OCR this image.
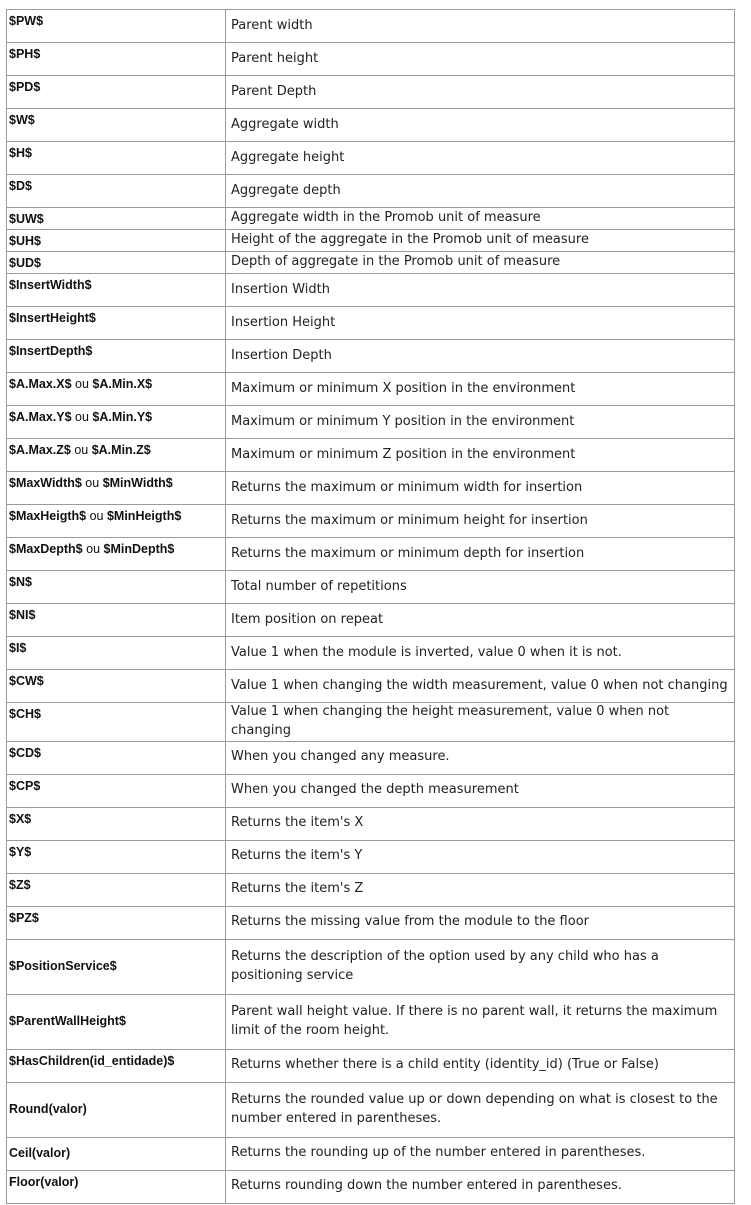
$PW$	Parent width
$PH$	Parent height
$PD$	Parent Depth
$W$	Aggregate width
$H$	Aggregate height
$D$	Aggregate depth
$UW$	Aggregate width in the Promob unit of measure
$UH$	Height of the aggregate in the Promob unit of measure
$UD$	Depth of aggregate in the Promob unit of measure
$InsertWidth$	Insertion Width
$InsertHeight$	Insertion Height
$InsertDepth$	Insertion Depth
$A.Max.X$ ou $A.Min.X$	Maximum or minimum X position in the environment
$A.Max.Y$ ou $A.Min.Y$	Maximum or minimum Y position in the environment
$A.Max.Z$ ou $A.Min.Z$	Maximum or minimum Z position in the environment
$MaxWidth$ ou $MinWidth$	Returns the maximum or minimum width for insertion
$MaxHeigth$ ou $MinHeigth$	Returns the maximum or minimum height for insertion
$MaxDepth$ ou $MinDepth$	Returns the maximum or minimum depth for insertion
$N$	Total number of repetitions
$NI$	Item position on repeat
$I$	Value 1 when the module is inverted, value 0 when it is not.
$CW$	Value 1 when changing the width measurement, value 0 when not changing
$CH$	Value 1 when changing the height measurement, value 0 when not changing
$CD$	When you changed any measure.
$CP$	When you changed the depth measurement
$X$	Returns the item's X
$Y$	Returns the item's Y
$Z$	Returns the item's Z
$PZ$	Returns the missing value from the module to the floor
$PositionService$	Returns the description of the option used by any child who has a positioning service
$ParentWallHeight$	Parent wall height value. If there is no parent wall, it returns the maximum limit of the room height.
$HasChildren(id_entidade)$	Returns whether there is a child entity (identity_id) (True or False)
Round(valor)	Returns the rounded value up or down depending on what is closest to the number entered in parentheses.
Ceil(valor)	Returns the rounding up of the number entered in parentheses.
Floor(valor)	Returns rounding down the number entered in parentheses.
